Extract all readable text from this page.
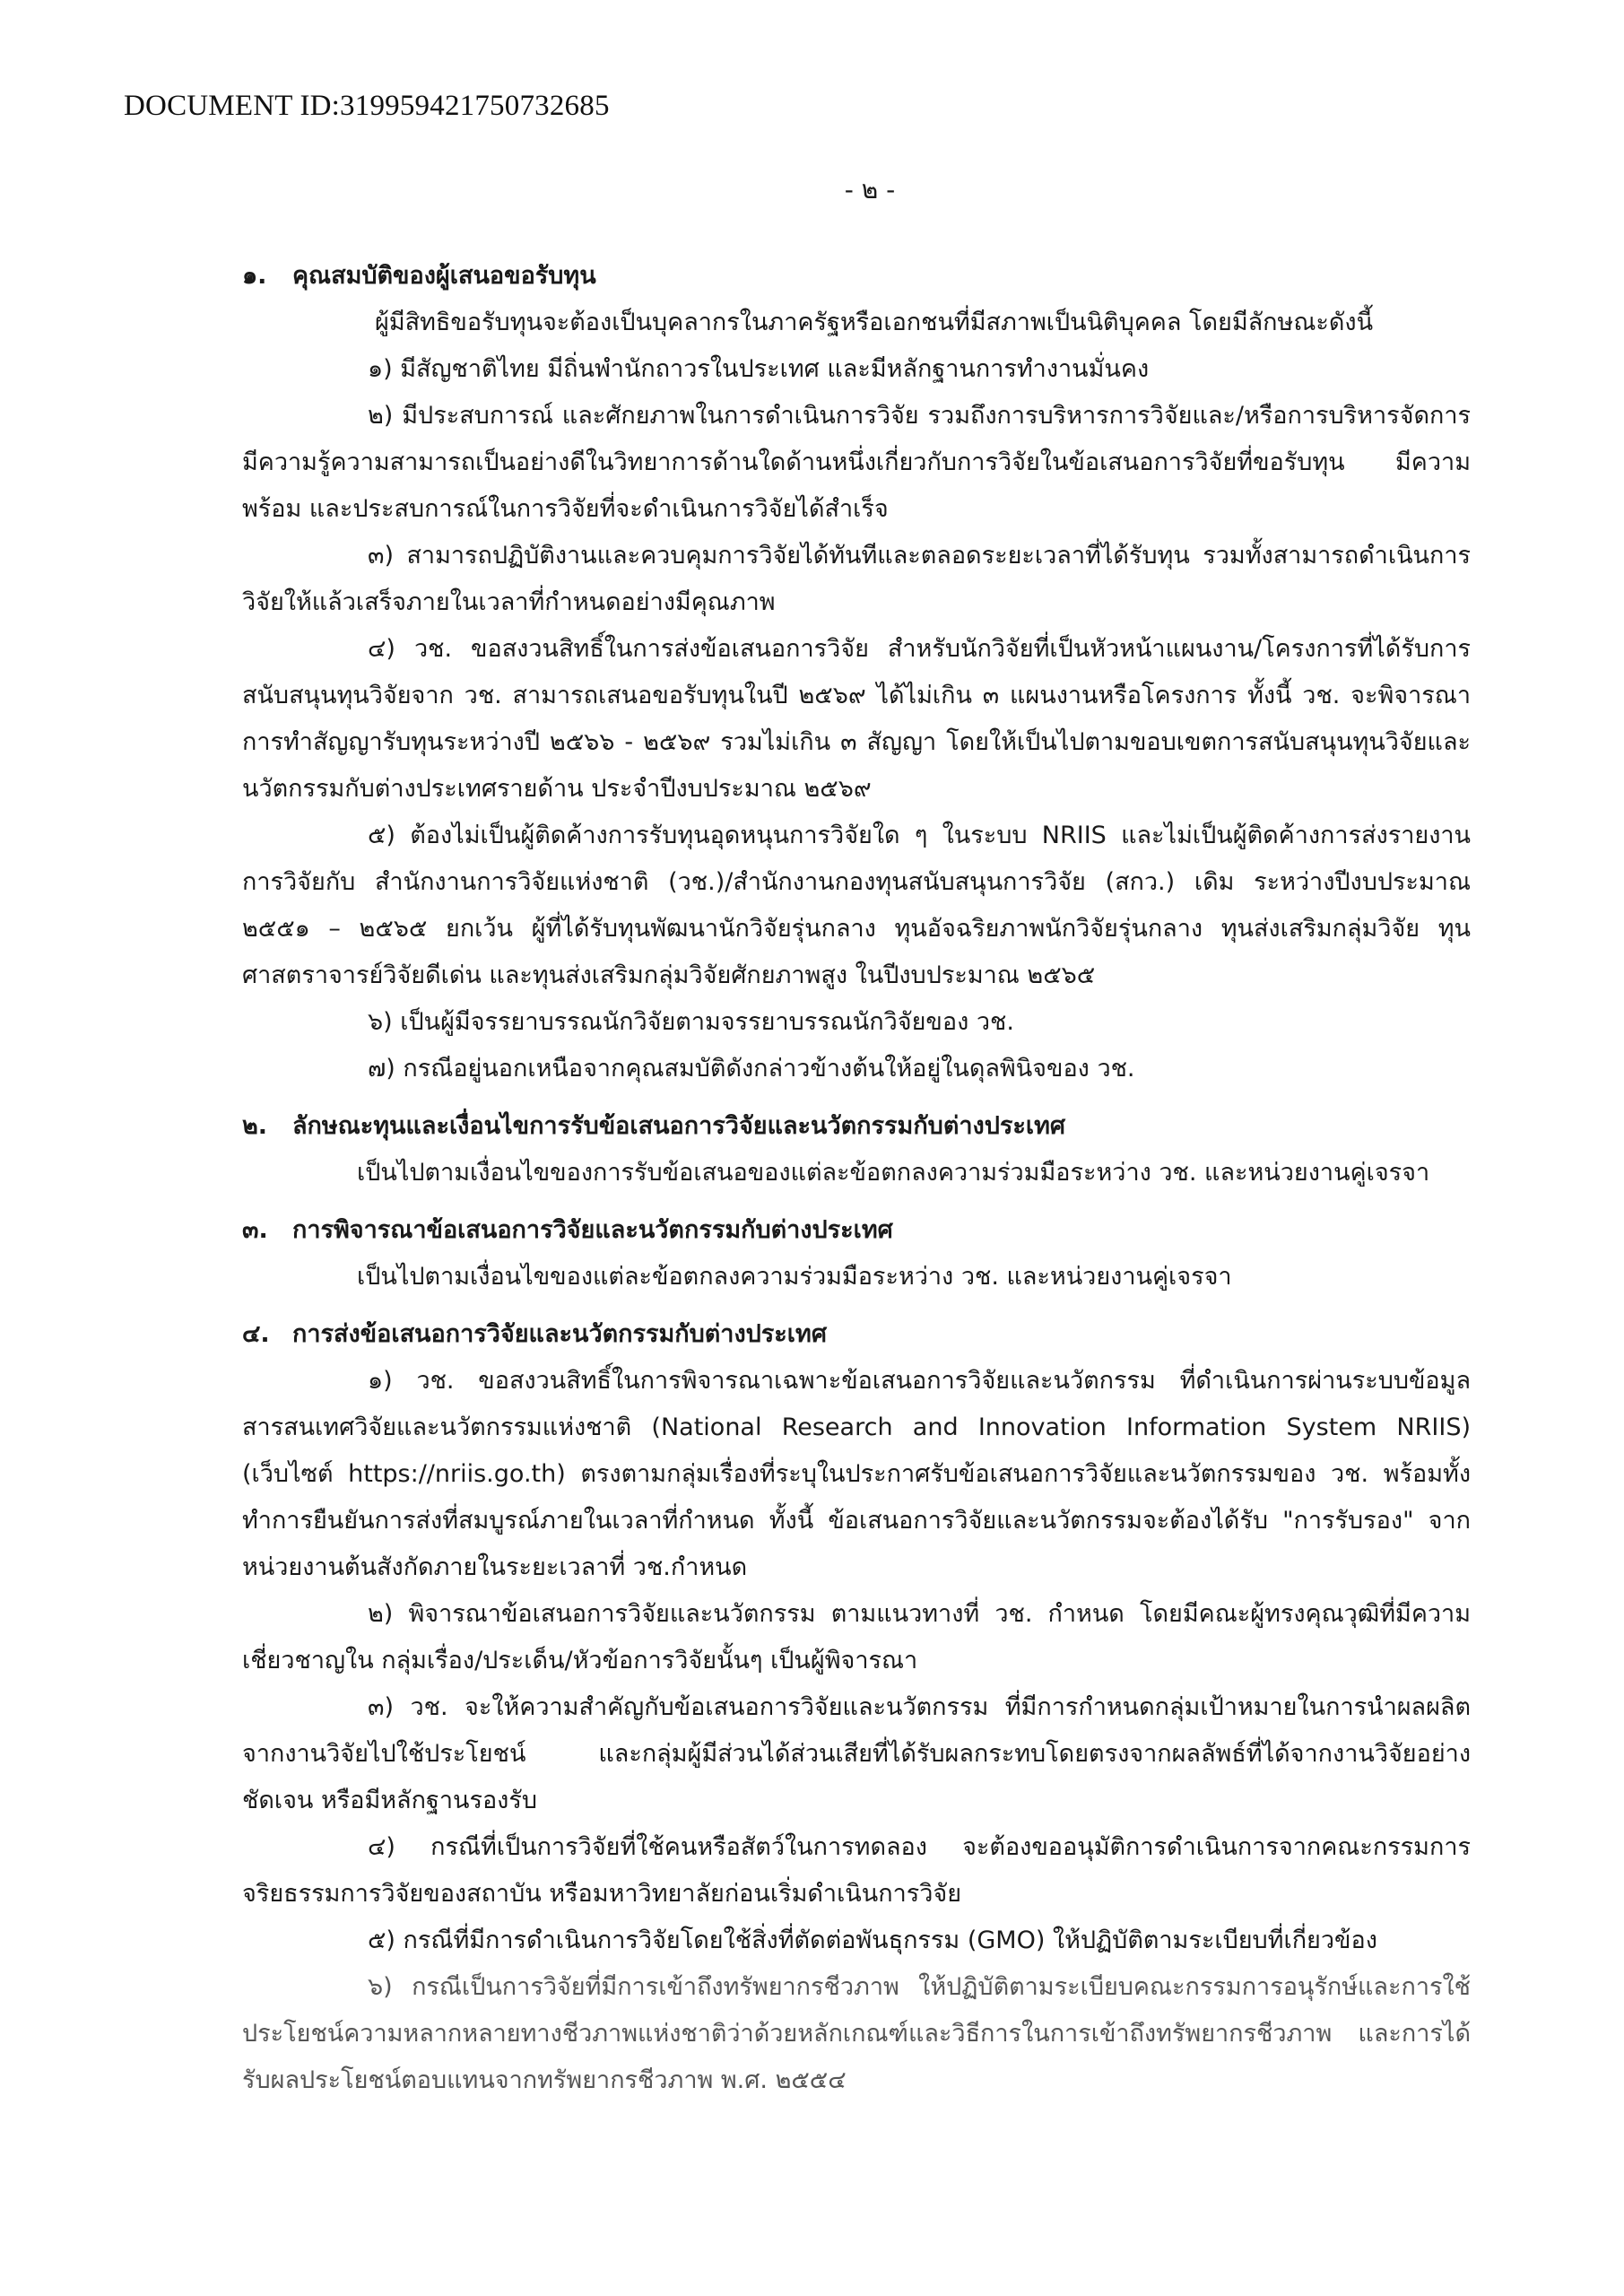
DOCUMENT ID:319959421750732685
- ๒ -
๑.	คุณสมบัติของผู้เสนอขอรับทุน
ผู้มีสิทธิขอรับทุนจะต้องเป็นบุคลากรในภาครัฐหรือเอกชนที่มีสภาพเป็นนิติบุคคล โดยมีลักษณะดังนี้
๑) มีสัญชาติไทย มีถิ่นพำนักถาวรในประเทศ และมีหลักฐานการทำงานมั่นคง
๒) มีประสบการณ์ และศักยภาพในการดำเนินการวิจัย รวมถึงการบริหารการวิจัยและ/หรือการบริหารจัดการ มีความรู้ความสามารถเป็นอย่างดีในวิทยาการด้านใดด้านหนึ่งเกี่ยวกับการวิจัยในข้อเสนอการวิจัยที่ขอรับทุน มีความพร้อม และประสบการณ์ในการวิจัยที่จะดำเนินการวิจัยได้สำเร็จ
๓) สามารถปฏิบัติงานและควบคุมการวิจัยได้ทันทีและตลอดระยะเวลาที่ได้รับทุน รวมทั้งสามารถดำเนินการวิจัยให้แล้วเสร็จภายในเวลาที่กำหนดอย่างมีคุณภาพ
๔) วช. ขอสงวนสิทธิ์ในการส่งข้อเสนอการวิจัย สำหรับนักวิจัยที่เป็นหัวหน้าแผนงาน/โครงการที่ได้รับการสนับสนุนทุนวิจัยจาก วช. สามารถเสนอขอรับทุนในปี ๒๕๖๙ ได้ไม่เกิน ๓ แผนงานหรือโครงการ ทั้งนี้ วช. จะพิจารณาการทำสัญญารับทุนระหว่างปี ๒๕๖๖ - ๒๕๖๙ รวมไม่เกิน ๓ สัญญา โดยให้เป็นไปตามขอบเขตการสนับสนุนทุนวิจัยและนวัตกรรมกับต่างประเทศรายด้าน ประจำปีงบประมาณ ๒๕๖๙
๕) ต้องไม่เป็นผู้ติดค้างการรับทุนอุดหนุนการวิจัยใด ๆ ในระบบ NRIIS และไม่เป็นผู้ติดค้างการส่งรายงานการวิจัยกับ สำนักงานการวิจัยแห่งชาติ (วช.)/สำนักงานกองทุนสนับสนุนการวิจัย (สกว.) เดิม ระหว่างปีงบประมาณ ๒๕๕๑ – ๒๕๖๕ ยกเว้น ผู้ที่ได้รับทุนพัฒนานักวิจัยรุ่นกลาง ทุนอัจฉริยภาพนักวิจัยรุ่นกลาง ทุนส่งเสริมกลุ่มวิจัย ทุนศาสตราจารย์วิจัยดีเด่น และทุนส่งเสริมกลุ่มวิจัยศักยภาพสูง ในปีงบประมาณ ๒๕๖๕
๖) เป็นผู้มีจรรยาบรรณนักวิจัยตามจรรยาบรรณนักวิจัยของ วช.
๗) กรณีอยู่นอกเหนือจากคุณสมบัติดังกล่าวข้างต้นให้อยู่ในดุลพินิจของ วช.
๒.	ลักษณะทุนและเงื่อนไขการรับข้อเสนอการวิจัยและนวัตกรรมกับต่างประเทศ
เป็นไปตามเงื่อนไขของการรับข้อเสนอของแต่ละข้อตกลงความร่วมมือระหว่าง วช. และหน่วยงานคู่เจรจา
๓.	การพิจารณาข้อเสนอการวิจัยและนวัตกรรมกับต่างประเทศ
เป็นไปตามเงื่อนไขของแต่ละข้อตกลงความร่วมมือระหว่าง วช. และหน่วยงานคู่เจรจา
๔. การส่งข้อเสนอการวิจัยและนวัตกรรมกับต่างประเทศ
๑) วช. ขอสงวนสิทธิ์ในการพิจารณาเฉพาะข้อเสนอการวิจัยและนวัตกรรม ที่ดำเนินการผ่านระบบข้อมูลสารสนเทศวิจัยและนวัตกรรมแห่งชาติ (National Research and Innovation Information System NRIIS) (เว็บไซต์ https://nriis.go.th) ตรงตามกลุ่มเรื่องที่ระบุในประกาศรับข้อเสนอการวิจัยและนวัตกรรมของ วช. พร้อมทั้งทำการยืนยันการส่งที่สมบูรณ์ภายในเวลาที่กำหนด ทั้งนี้ ข้อเสนอการวิจัยและนวัตกรรมจะต้องได้รับ "การรับรอง" จากหน่วยงานต้นสังกัดภายในระยะเวลาที่ วช.กำหนด
๒) พิจารณาข้อเสนอการวิจัยและนวัตกรรม ตามแนวทางที่ วช. กำหนด โดยมีคณะผู้ทรงคุณวุฒิที่มีความเชี่ยวชาญใน กลุ่มเรื่อง/ประเด็น/หัวข้อการวิจัยนั้นๆ เป็นผู้พิจารณา
๓) วช. จะให้ความสำคัญกับข้อเสนอการวิจัยและนวัตกรรม ที่มีการกำหนดกลุ่มเป้าหมายในการนำผลผลิตจากงานวิจัยไปใช้ประโยชน์ และกลุ่มผู้มีส่วนได้ส่วนเสียที่ได้รับผลกระทบโดยตรงจากผลลัพธ์ที่ได้จากงานวิจัยอย่างชัดเจน หรือมีหลักฐานรองรับ
๔) กรณีที่เป็นการวิจัยที่ใช้คนหรือสัตว์ในการทดลอง จะต้องขออนุมัติการดำเนินการจากคณะกรรมการจริยธรรมการวิจัยของสถาบัน หรือมหาวิทยาลัยก่อนเริ่มดำเนินการวิจัย
๕) กรณีที่มีการดำเนินการวิจัยโดยใช้สิ่งที่ตัดต่อพันธุกรรม (GMO) ให้ปฏิบัติตามระเบียบที่เกี่ยวข้อง
๖) กรณีเป็นการวิจัยที่มีการเข้าถึงทรัพยากรชีวภาพ ให้ปฏิบัติตามระเบียบคณะกรรมการอนุรักษ์และการใช้ประโยชน์ความหลากหลายทางชีวภาพแห่งชาติว่าด้วยหลักเกณฑ์และวิธีการในการเข้าถึงทรัพยากรชีวภาพ และการได้รับผลประโยชน์ตอบแทนจากทรัพยากรชีวภาพ พ.ศ. ๒๕๕๔
